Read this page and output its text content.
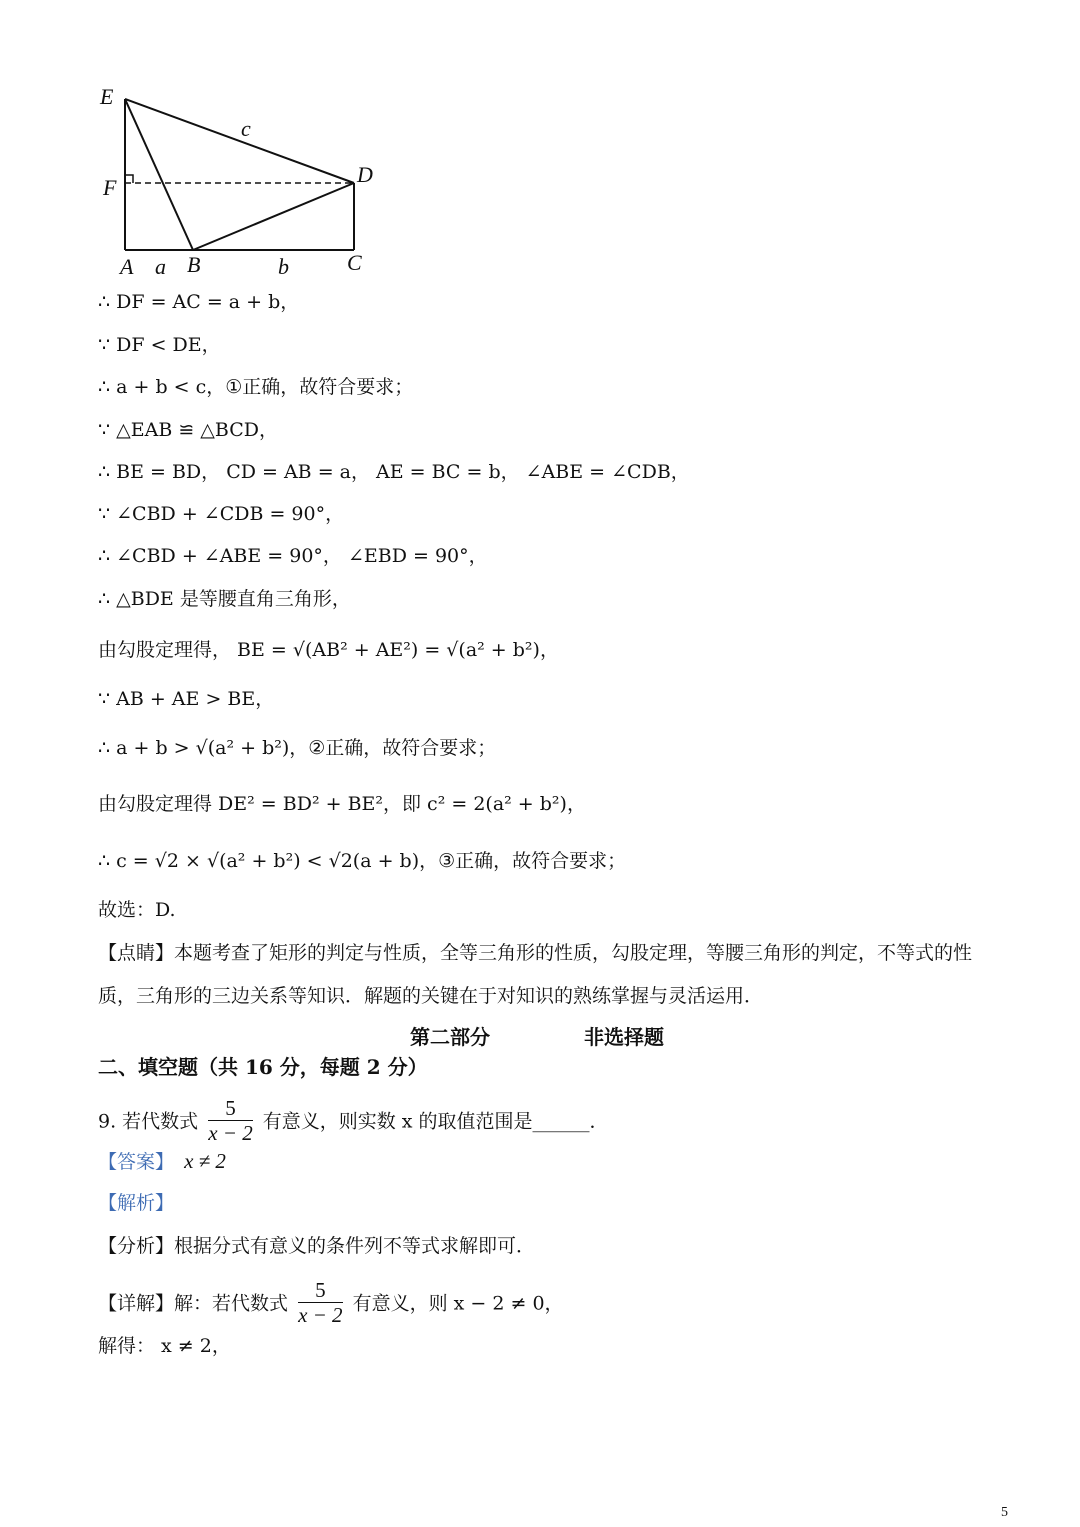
E
F
D
A a B	b	C
c
∴ DF = AC = a + b，
∵ DF < DE，
∴ a + b < c，①正确，故符合要求；
∵ △EAB ≌ △BCD，
∴ BE = BD， CD = AB = a， AE = BC = b， ∠ABE = ∠CDB，
∵ ∠CBD + ∠CDB = 90°，
∴ ∠CBD + ∠ABE = 90°， ∠EBD = 90°，
∴ △BDE 是等腰直角三角形，
由勾股定理得， BE = √(AB² + AE²) = √(a² + b²)，
∵ AB + AE > BE，
∴ a + b > √(a² + b²)，②正确，故符合要求；
由勾股定理得 DE² = BD² + BE²，即 c² = 2(a² + b²)，
∴ c = √2 × √(a² + b²) < √2(a + b)，③正确，故符合要求；
故选：D.
【点睛】本题考查了矩形的判定与性质，全等三角形的性质，勾股定理，等腰三角形的判定，不等式的性
质，三角形的三边关系等知识．解题的关键在于对知识的熟练掌握与灵活运用．
第二部分	非选择题
二、填空题（共 16 分，每题 2 分）
9. 若代数式 $\frac{5}{x - 2}$ 有意义，则实数 x 的取值范围是______．
【答案】 x ≠ 2
【解析】
【分析】根据分式有意义的条件列不等式求解即可．
【详解】解：若代数式 $\frac{5}{x - 2}$ 有意义，则 x − 2 ≠ 0，
解得： x ≠ 2，
5
